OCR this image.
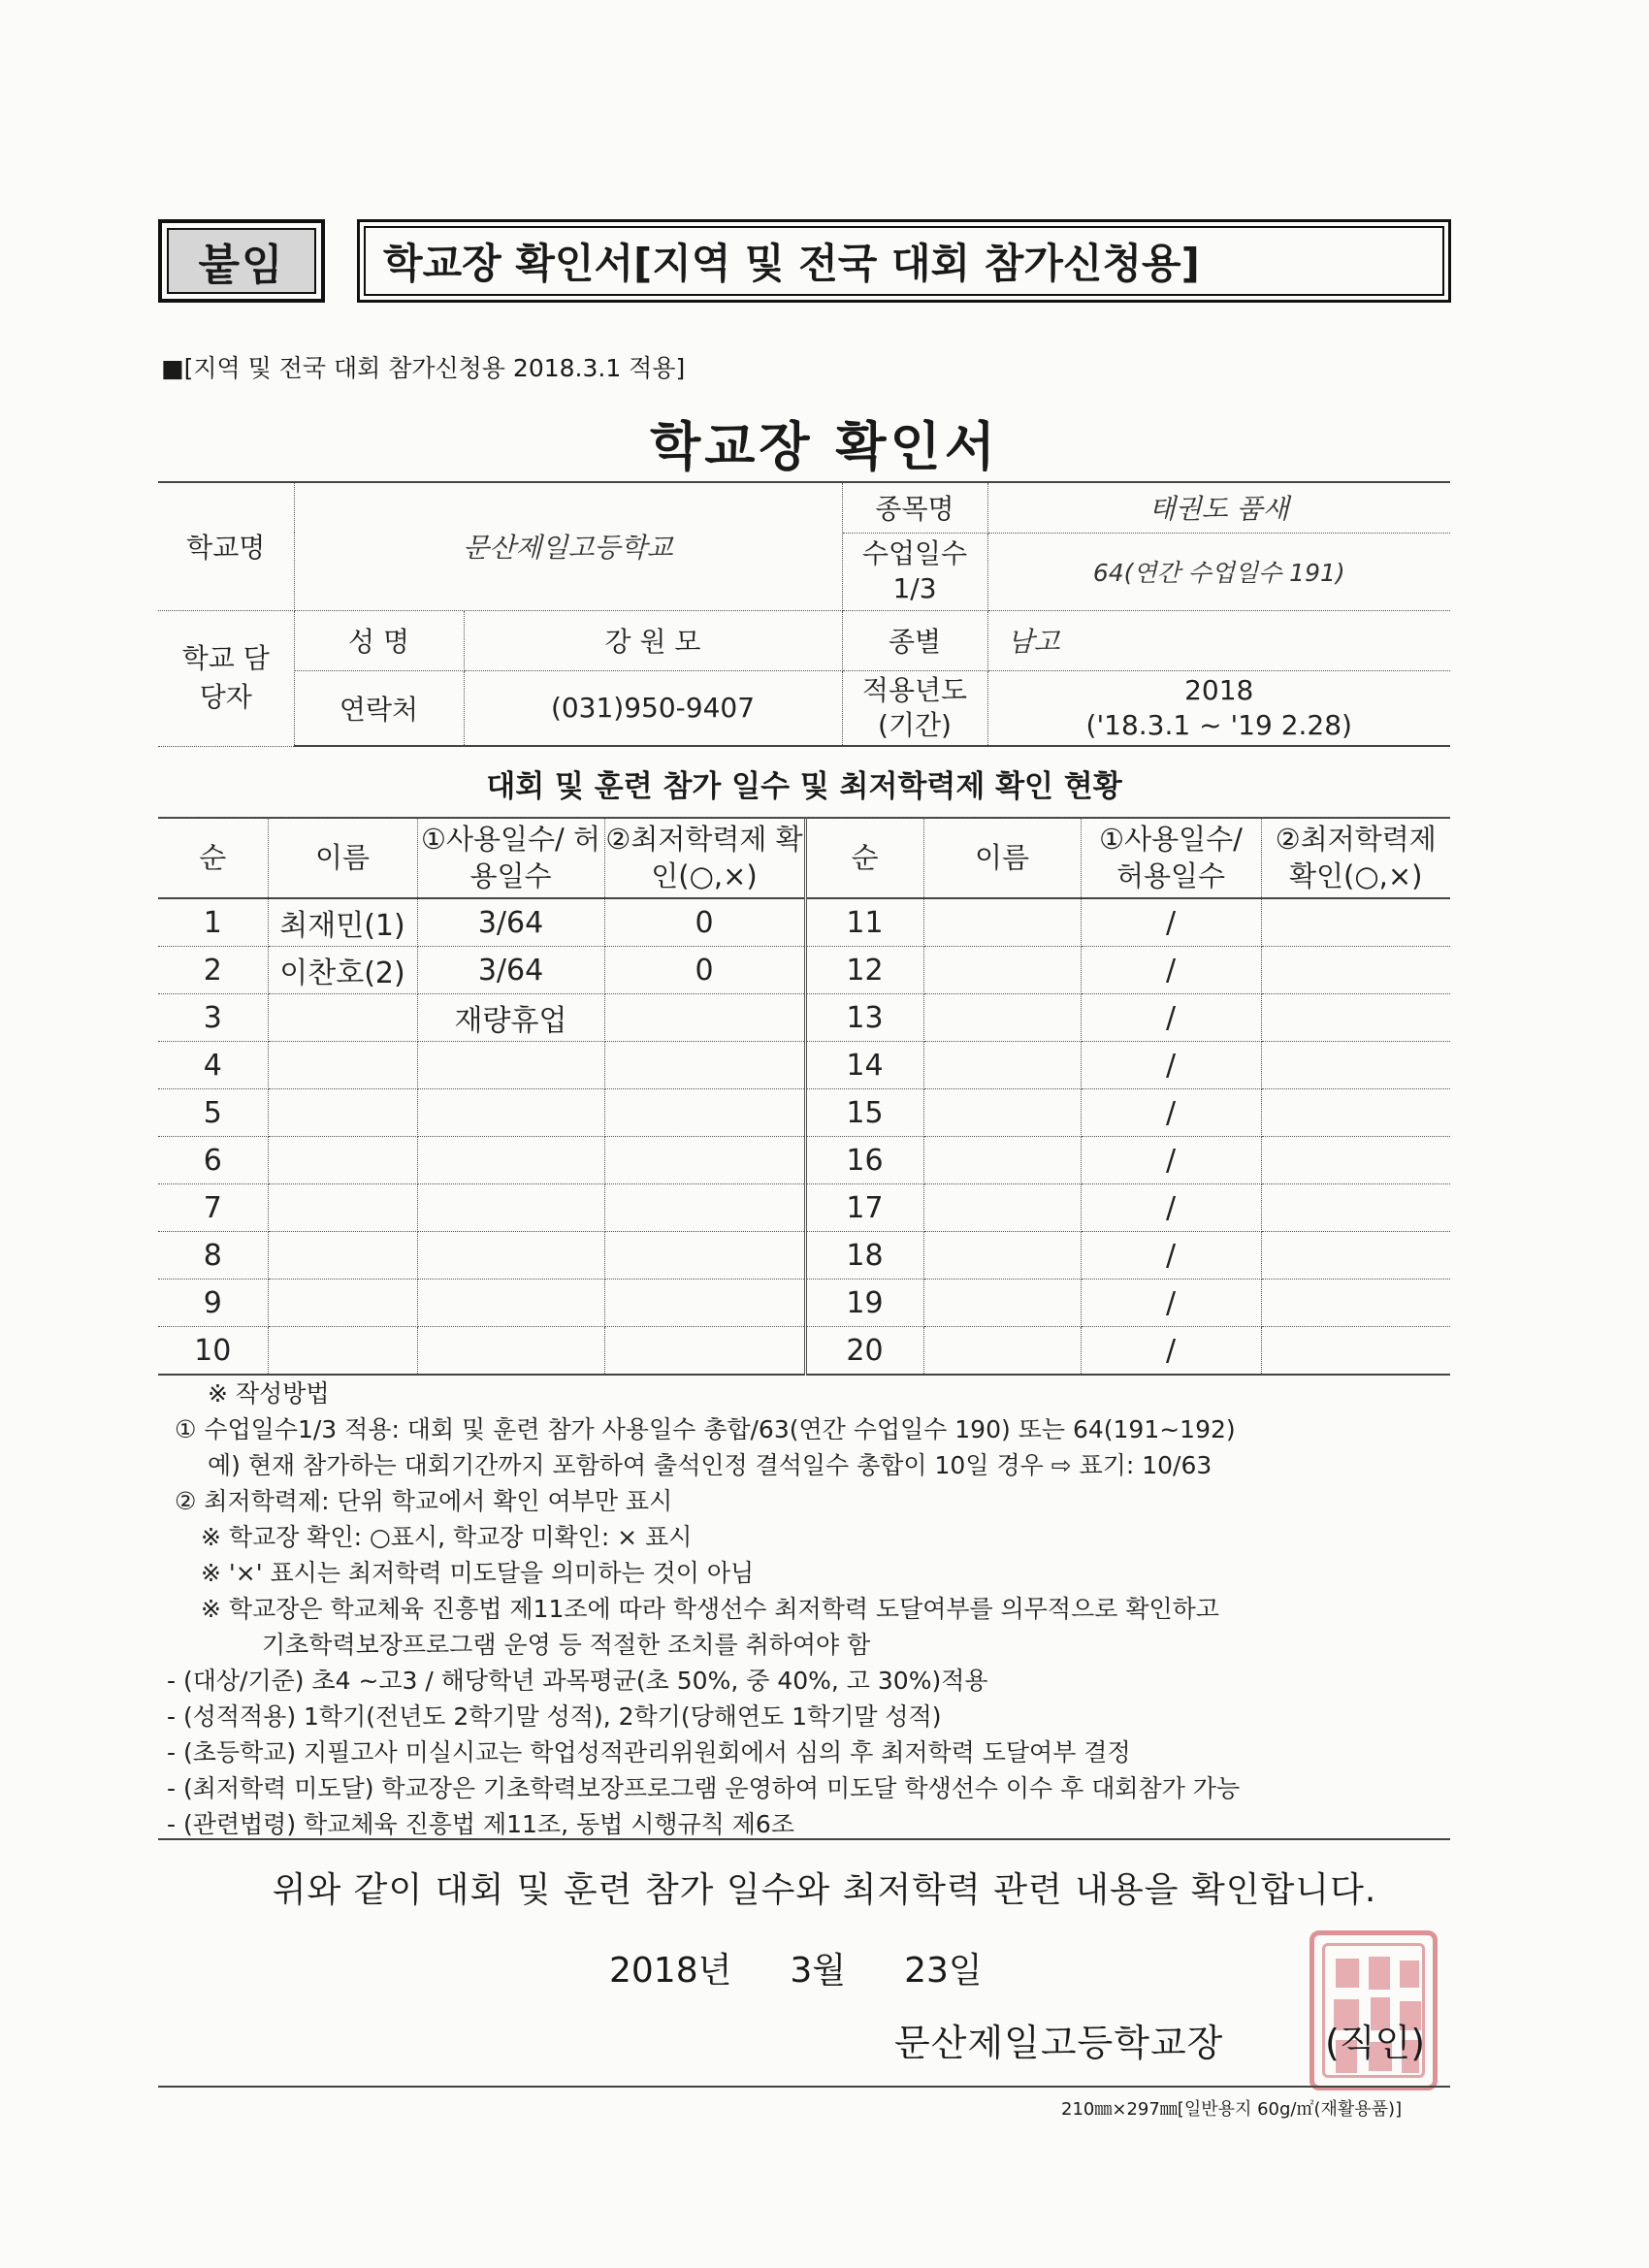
붙임 학교장 확인서[지역 및 전국 대회 참가신청용]
■[지역 및 전국 대회 참가신청용 2018.3.1 적용]
학교장 확인서
학교명	문산제일고등학교		종목명	태권도 품새
			수업일수 1/3	64(연간 수업일수 191)
학교 담당자	성 명	강 원 모	종별	남고
	연락처	(031)950-9407	적용년도 (기간)	2018
('18.3.1 ~ '19 2.28)
대회 및 훈련 참가 일수 및 최저학력제 확인 현황
순	이름	①사용일수/ 허용일수	②최저학력제 확인(○,×)	순	이름	①사용일수/ 허용일수	②최저학력제 확인(○,×)
1	최재민(1)	3/64	0	11		/	
2	이찬호(2)	3/64	0	12		/	
3		재량휴업		13		/	
4				14		/	
5				15		/	
6				16		/	
7				17		/	
8				18		/	
9				19		/	
10				20		/	
※ 작성방법
① 수업일수1/3 적용: 대회 및 훈련 참가 사용일수 총합/63(연간 수업일수 190) 또는 64(191~192)
예) 현재 참가하는 대회기간까지 포함하여 출석인정 결석일수 총합이 10일 경우 ⇨ 표기: 10/63
② 최저학력제: 단위 학교에서 확인 여부만 표시
※ 학교장 확인: ○표시, 학교장 미확인: × 표시
※ '×' 표시는 최저학력 미도달을 의미하는 것이 아님
※ 학교장은 학교체육 진흥법 제11조에 따라 학생선수 최저학력 도달여부를 의무적으로 확인하고
기초학력보장프로그램 운영 등 적절한 조치를 취하여야 함
- (대상/기준) 초4 ~고3 / 해당학년 과목평균(초 50%, 중 40%, 고 30%)적용
- (성적적용) 1학기(전년도 2학기말 성적), 2학기(당해연도 1학기말 성적)
- (초등학교) 지필고사 미실시교는 학업성적관리위원회에서 심의 후 최저학력 도달여부 결정
- (최저학력 미도달) 학교장은 기초학력보장프로그램 운영하여 미도달 학생선수 이수 후 대회참가 가능
- (관련법령) 학교체육 진흥법 제11조, 동법 시행규칙 제6조
위와 같이 대회 및 훈련 참가 일수와 최저학력 관련 내용을 확인합니다.
2018년 3월 23일
문산제일고등학교장	(직인)
210㎜×297㎜[일반용지 60g/㎡(재활용품)]
